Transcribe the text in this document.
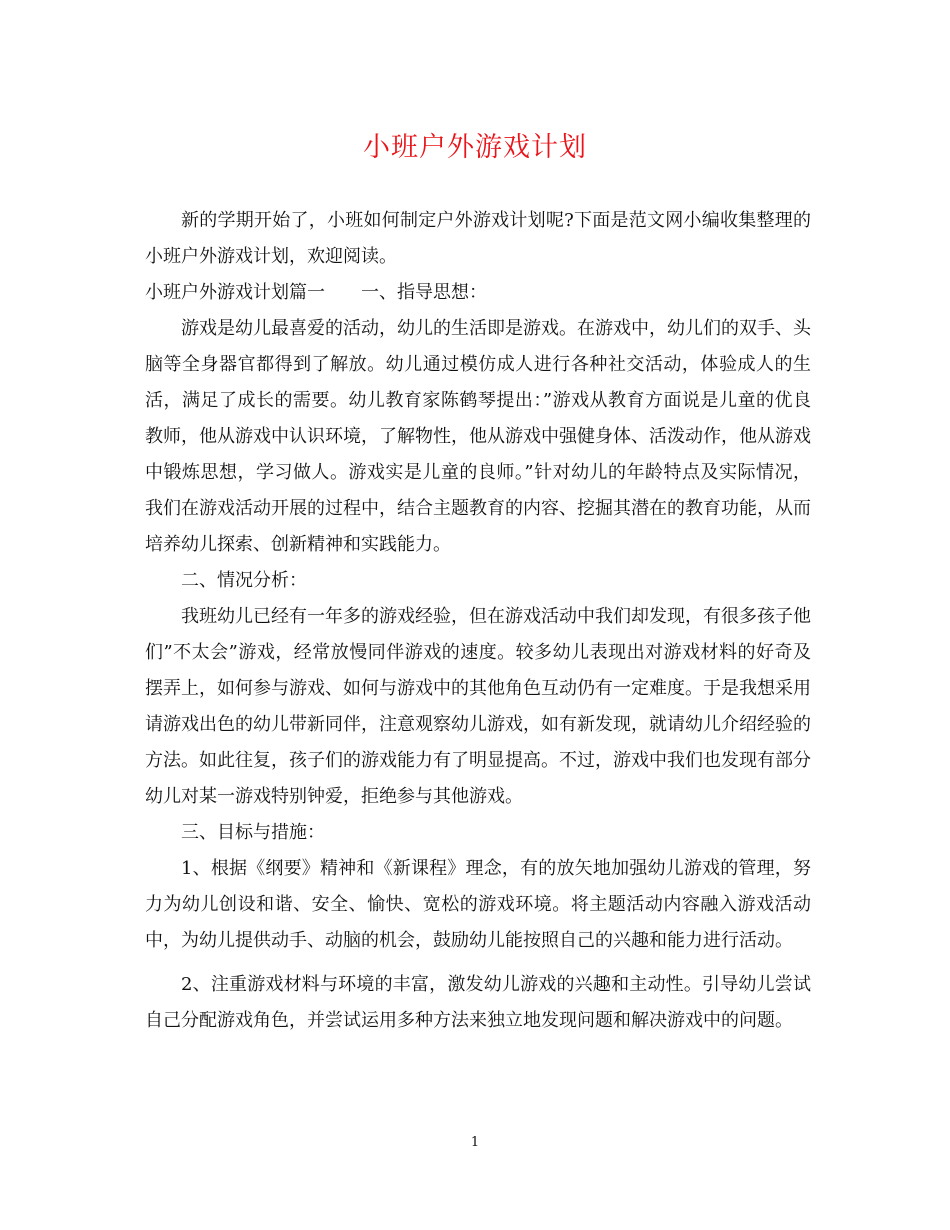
小班户外游戏计划

新的学期开始了，小班如何制定户外游戏计划呢?下面是范文网小编收集整理的小班户外游戏计划，欢迎阅读。

小班户外游戏计划篇一　　一、指导思想：

游戏是幼儿最喜爱的活动，幼儿的生活即是游戏。在游戏中，幼儿们的双手、头脑等全身器官都得到了解放。幼儿通过模仿成人进行各种社交活动，体验成人的生活，满足了成长的需要。幼儿教育家陈鹤琴提出：”游戏从教育方面说是儿童的优良教师，他从游戏中认识环境，了解物性，他从游戏中强健身体、活泼动作，他从游戏中锻炼思想，学习做人。游戏实是儿童的良师。”针对幼儿的年龄特点及实际情况，我们在游戏活动开展的过程中，结合主题教育的内容、挖掘其潜在的教育功能，从而培养幼儿探索、创新精神和实践能力。

二、情况分析：

我班幼儿已经有一年多的游戏经验，但在游戏活动中我们却发现，有很多孩子他们”不太会”游戏，经常放慢同伴游戏的速度。较多幼儿表现出对游戏材料的好奇及摆弄上，如何参与游戏、如何与游戏中的其他角色互动仍有一定难度。于是我想采用请游戏出色的幼儿带新同伴，注意观察幼儿游戏，如有新发现，就请幼儿介绍经验的方法。如此往复，孩子们的游戏能力有了明显提高。不过，游戏中我们也发现有部分幼儿对某一游戏特别钟爱，拒绝参与其他游戏。

三、目标与措施：

1、根据《纲要》精神和《新课程》理念，有的放矢地加强幼儿游戏的管理，努力为幼儿创设和谐、安全、愉快、宽松的游戏环境。将主题活动内容融入游戏活动中，为幼儿提供动手、动脑的机会，鼓励幼儿能按照自己的兴趣和能力进行活动。

2、注重游戏材料与环境的丰富，激发幼儿游戏的兴趣和主动性。引导幼儿尝试自己分配游戏角色，并尝试运用多种方法来独立地发现问题和解决游戏中的问题。

1
